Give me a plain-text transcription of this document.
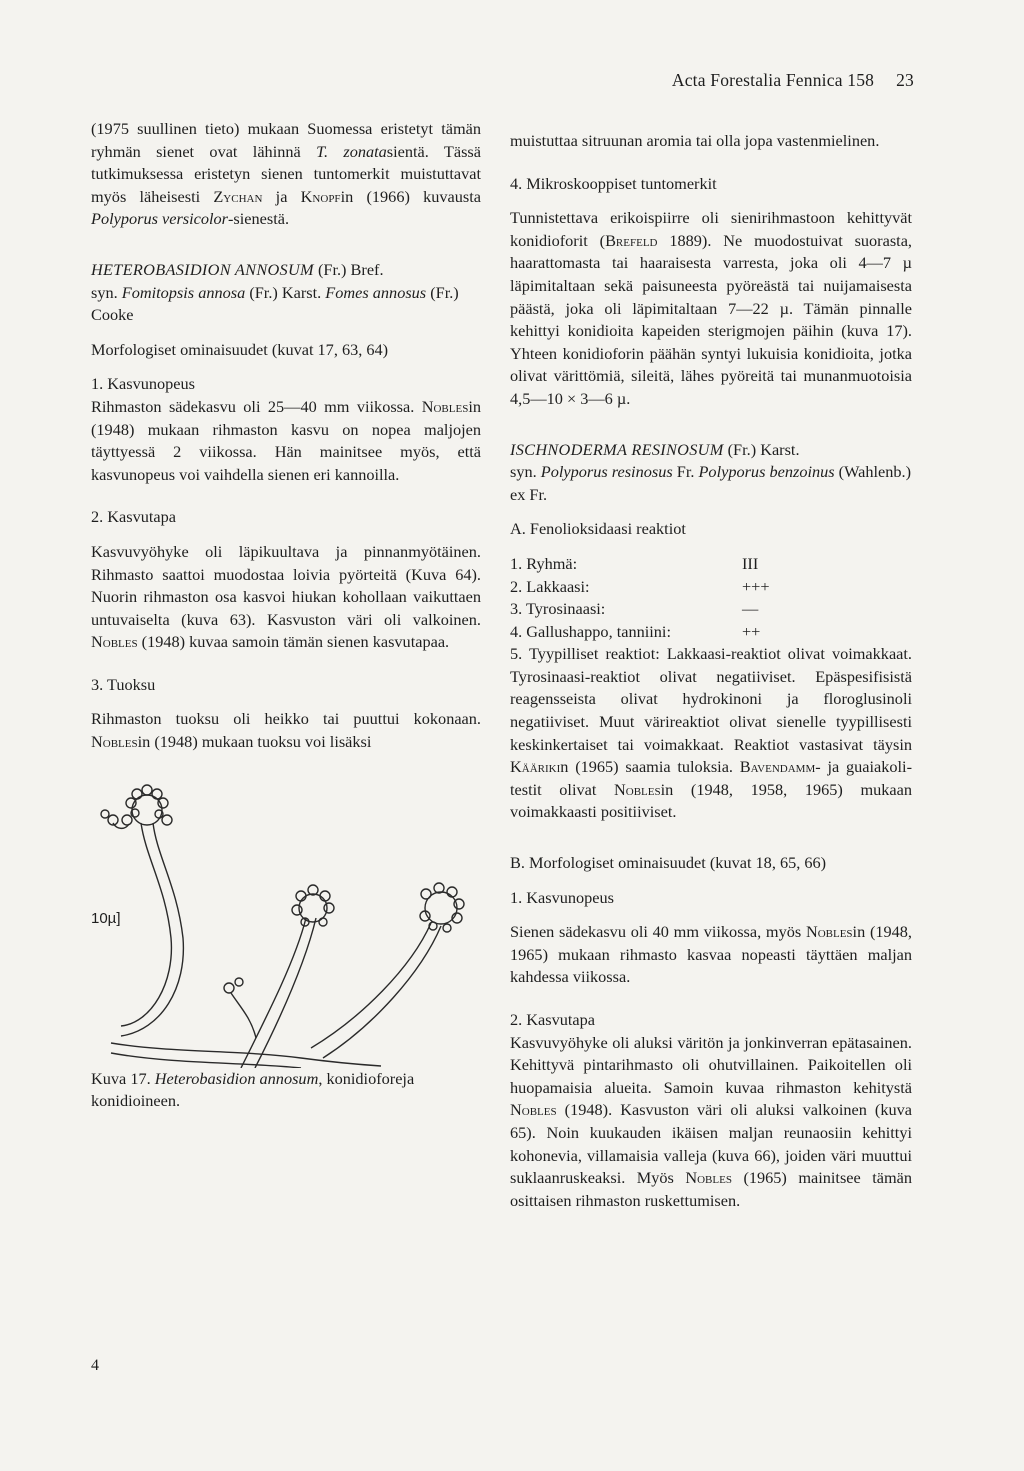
Acta Forestalia Fennica 158 23

(1975 suullinen tieto) mukaan Suomessa eristetyt tämän ryhmän sienet ovat lähinnä T. zonatasientä. Tässä tutkimuksessa eristetyn sienen tuntomerkit muistuttavat myös läheisesti Zychan ja Knopfin (1966) kuvausta Polyporus versicolor-sienestä.

HETEROBASIDION ANNOSUM (Fr.) Bref.

syn. Fomitopsis annosa (Fr.) Karst. Fomes annosus (Fr.) Cooke

Morfologiset ominaisuudet (kuvat 17, 63, 64)

1. Kasvunopeus

Rihmaston sädekasvu oli 25—40 mm viikossa. Noblesin (1948) mukaan rihmaston kasvu on nopea maljojen täyttyessä 2 viikossa. Hän mainitsee myös, että kasvunopeus voi vaihdella sienen eri kannoilla.

2. Kasvutapa

Kasvuvyöhyke oli läpikuultava ja pinnanmyötäinen. Rihmasto saattoi muodostaa loivia pyörteitä (Kuva 64). Nuorin rihmaston osa kasvoi hiukan kohollaan vaikuttaen untuvaiselta (kuva 63). Kasvuston väri oli valkoinen. Nobles (1948) kuvaa samoin tämän sienen kasvutapaa.

3. Tuoksu

Rihmaston tuoksu oli heikko tai puuttui kokonaan. Noblesin (1948) mukaan tuoksu voi lisäksi

10µ]

Kuva 17. Heterobasidion annosum, konidioforeja konidioineen.

muistuttaa sitruunan aromia tai olla jopa vastenmielinen.

4. Mikroskooppiset tuntomerkit

Tunnistettava erikoispiirre oli sienirihmastoon kehittyvät konidioforit (Brefeld 1889). Ne muodostuivat suorasta, haarattomasta tai haaraisesta varresta, joka oli 4—7 µ läpimitaltaan sekä paisuneesta pyöreästä tai nuijamaisesta päästä, joka oli läpimitaltaan 7—22 µ. Tämän pinnalle kehittyi konidioita kapeiden sterigmojen päihin (kuva 17). Yhteen konidioforin päähän syntyi lukuisia konidioita, jotka olivat värittömiä, sileitä, lähes pyöreitä tai munanmuotoisia 4,5—10 × 3—6 µ.

ISCHNODERMA RESINOSUM (Fr.) Karst.

syn. Polyporus resinosus Fr. Polyporus benzoinus (Wahlenb.) ex Fr.

A. Fenolioksidaasi reaktiot

1. Ryhmä:	III
2. Lakkaasi:	+++
3. Tyrosinaasi:	—
4. Gallushappo, tanniini:	++

5. Tyypilliset reaktiot: Lakkaasi-reaktiot olivat voimakkaat. Tyrosinaasi-reaktiot olivat negatiiviset. Epäspesifisistä reagensseista olivat hydrokinoni ja floroglusinoli negatiiviset. Muut värireaktiot olivat sienelle tyypillisesti keskinkertaiset tai voimakkaat. Reaktiot vastasivat täysin Käärikin (1965) saamia tuloksia. Bavendamm- ja guaiakoli-testit olivat Noblesin (1948, 1958, 1965) mukaan voimakkaasti positiiviset.

B. Morfologiset ominaisuudet (kuvat 18, 65, 66)

1. Kasvunopeus

Sienen sädekasvu oli 40 mm viikossa, myös Noblesin (1948, 1965) mukaan rihmasto kasvaa nopeasti täyttäen maljan kahdessa viikossa.

2. Kasvutapa

Kasvuvyöhyke oli aluksi väritön ja jonkinverran epätasainen. Kehittyvä pintarihmasto oli ohutvillainen. Paikoitellen oli huopamaisia alueita. Samoin kuvaa rihmaston kehitystä Nobles (1948). Kasvuston väri oli aluksi valkoinen (kuva 65). Noin kuukauden ikäisen maljan reunaosiin kehittyi kohonevia, villamaisia valleja (kuva 66), joiden väri muuttui suklaanruskeaksi. Myös Nobles (1965) mainitsee tämän osittaisen rihmaston ruskettumisen.

4
